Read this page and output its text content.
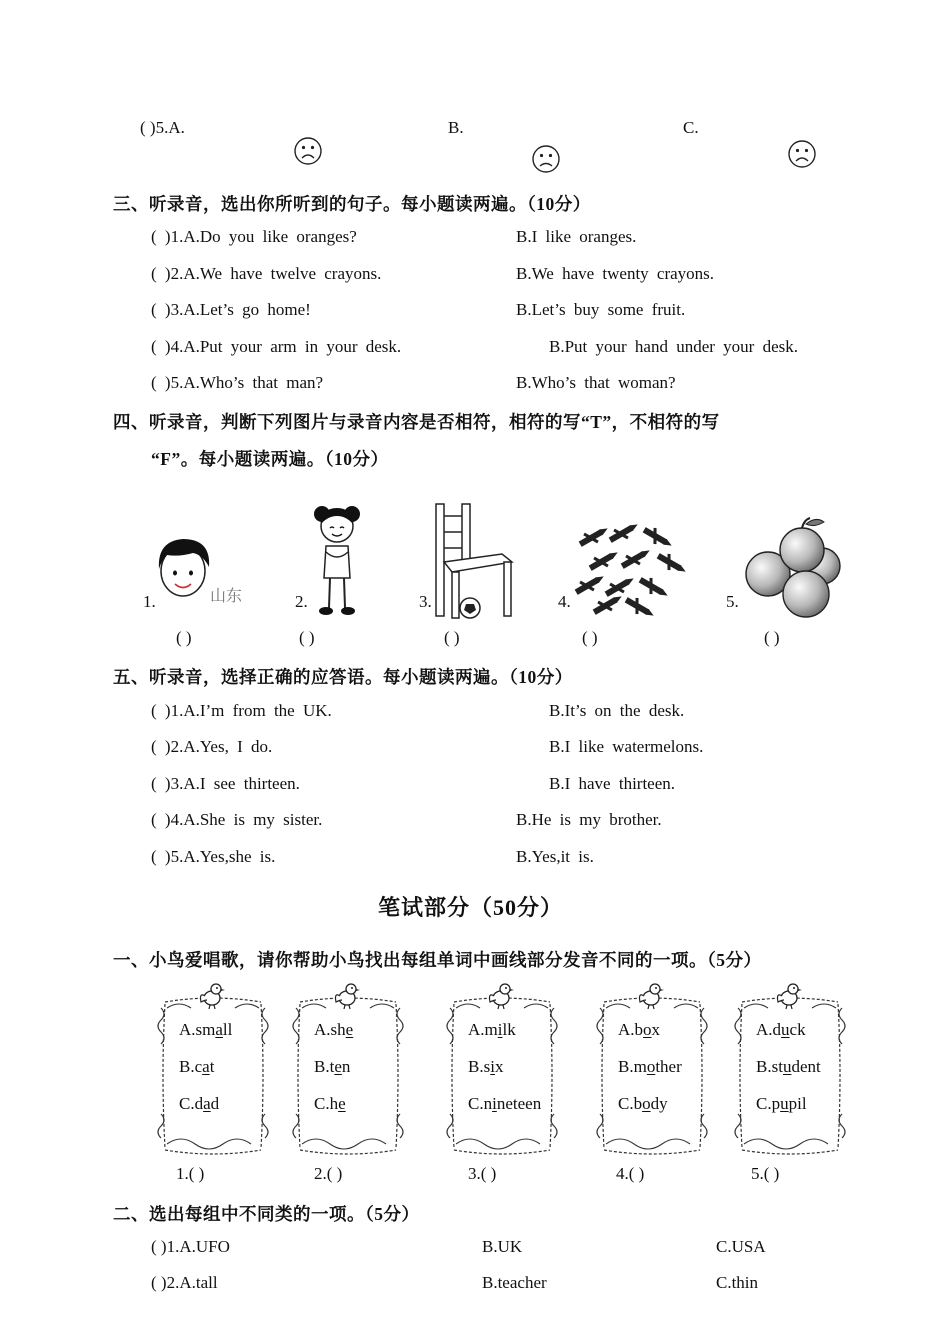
( )5.A.	B.	C.
三、听录音，选出你所听到的句子。每小题读两遍。（10分）
( )1.A.Do you like oranges?	B.I like oranges.
( )2.A.We have twelve crayons.	B.We have twenty crayons.
( )3.A.Let’s go home!	B.Let’s buy some fruit.
( )4.A.Put your arm in your desk.	B.Put your hand under your desk.
( )5.A.Who’s that man?	B.Who’s that woman?
四、听录音，判断下列图片与录音内容是否相符，相符的写“T”，不相符的写
“F”。每小题读两遍。（10分）
1.	山东	2.	3.	4.	5.
( )	( )	( )	( )	( )
五、听录音，选择正确的应答语。每小题读两遍。（10分）
( )1.A.I’m from the UK.	B.It’s on the desk.
( )2.A.Yes, I do.	B.I like watermelons.
( )3.A.I see thirteen.	B.I have thirteen.
( )4.A.She is my sister.	B.He is my brother.
( )5.A.Yes,she is.	B.Yes,it is.
笔试部分（50分）
一、小鸟爱唱歌，请你帮助小鸟找出每组单词中画线部分发音不同的一项。（5分）
A.small
B.cat
C.dad
1.( )
A.she
B.ten
C.he
2.( )
A.milk
B.six
C.nineteen
3.( )
A.box
B.mother
C.body
4.( )
A.duck
B.student
C.pupil
5.( )
二、选出每组中不同类的一项。（5分）
( )1.A.UFO	B.UK	C.USA
( )2.A.tall	B.teacher	C.thin
